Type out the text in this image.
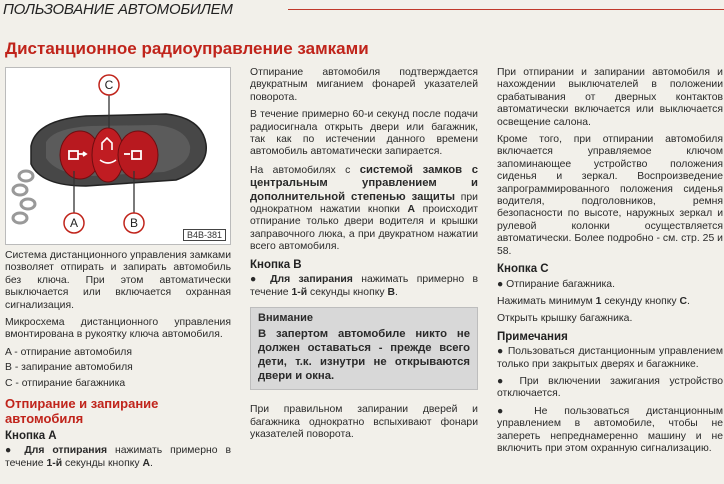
ПОЛЬЗОВАНИЕ АВТОМОБИЛЕМ
Дистанционное радиоуправление замками
C
A	B
B4B-381

Система дистанционного управления замками позволяет отпирать и запирать автомобиль без ключа. При этом автоматически выключается или включается охранная сигнализация.

Микросхема дистанционного управления вмонтирована в рукоятку ключа автомобиля.

A - отпирание автомобиля
B - запирание автомобиля
C - отпирание багажника
Отпирание и запирание автомобиля
Кнопка A

● Для отпирания нажимать примерно в течение 1-й секунды кнопку A.

Отпирание автомобиля подтверждается двукратным миганием фонарей указателей поворота.

В течение примерно 60-и секунд после подачи радиосигнала открыть двери или багажник, так как по истечении данного времени автомобиль автоматически запирается.

На автомобилях с системой замков с центральным управлением и дополнительной степенью защиты при однократном нажатии кнопки A происходит отпирание только двери водителя и крышки заправочного люка, а при двукратном нажатии всего автомобиля.

Кнопка B

● Для запирания нажимать примерно в течение 1-й секунды кнопку B.

Внимание
В запертом автомобиле никто не должен оставаться - прежде всего дети, т.к. изнутри не открываются двери и окна.

При правильном запирании дверей и багажника однократно вспыхивают фонари указателей поворота.

При отпирании и запирании автомобиля и нахождении выключателей в положении срабатывания от дверных контактов автоматически включается или выключается освещение салона.

Кроме того, при отпирании автомобиля включается управляемое ключом запоминающее устройство положения сиденья и зеркал. Воспроизведение запрограммированного положения сиденья водителя, подголовников, ремня безопасности по высоте, наружных зеркал и рулевой колонки осуществляется автоматически. Более подробно - см. стр. 25 и 58.

Кнопка C

● Отпирание багажника.

Нажимать минимум 1 секунду кнопку C.

Открыть крышку багажника.

Примечания

● Пользоваться дистанционным управлением только при закрытых дверях и багажнике.

● При включении зажигания устройство отключается.

● Не пользоваться дистанционным управлением в автомобиле, чтобы не запереть непреднамеренно машину и не включить при этом охранную сигнализацию.
